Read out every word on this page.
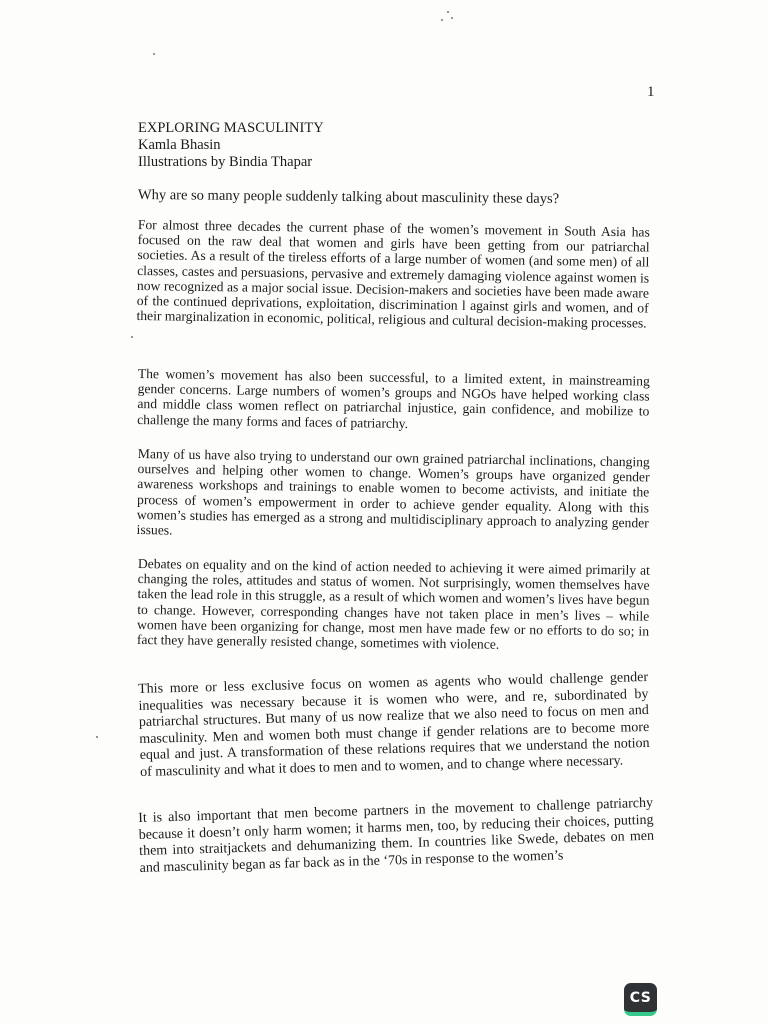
1
EXPLORING MASCULINITY
Kamla Bhasin
Illustrations by Bindia Thapar
Why are so many people suddenly talking about masculinity these days?
For almost three decades the current phase of the women’s movement in South Asia has focused on the raw deal that women and girls have been getting from our patriarchal societies. As a result of the tireless efforts of a large number of women (and some men) of all classes, castes and persuasions, pervasive and extremely damaging violence against women is now recognized as a major social issue. Decision-makers and societies have been made aware of the continued deprivations, exploitation, discrimination l against girls and women, and of their marginalization in economic, political, religious and cultural decision-making processes.
The women’s movement has also been successful, to a limited extent, in mainstreaming gender concerns. Large numbers of women’s groups and NGOs have helped working class and middle class women reflect on patriarchal injustice, gain confidence, and mobilize to challenge the many forms and faces of patriarchy.
Many of us have also trying to understand our own grained patriarchal inclinations, changing ourselves and helping other women to change. Women’s groups have organized gender awareness workshops and trainings to enable women to become activists, and initiate the process of women’s empowerment in order to achieve gender equality. Along with this women’s studies has emerged as a strong and multidisciplinary approach to analyzing gender issues.
Debates on equality and on the kind of action needed to achieving it were aimed primarily at changing the roles, attitudes and status of women. Not surprisingly, women themselves have taken the lead role in this struggle, as a result of which women and women’s lives have begun to change. However, corresponding changes have not taken place in men’s lives – while women have been organizing for change, most men have made few or no efforts to do so; in fact they have generally resisted change, sometimes with violence.
This more or less exclusive focus on women as agents who would challenge gender inequalities was necessary because it is women who were, and re, subordinated by patriarchal structures. But many of us now realize that we also need to focus on men and masculinity. Men and women both must change if gender relations are to become more equal and just. A transformation of these relations requires that we understand the notion of masculinity and what it does to men and to women, and to change where necessary.
It is also important that men become partners in the movement to challenge patriarchy because it doesn’t only harm women; it harms men, too, by reducing their choices, putting them into straitjackets and dehumanizing them. In countries like Swede, debates on men and masculinity began as far back as in the ‘70s in response to the women’s
CS
